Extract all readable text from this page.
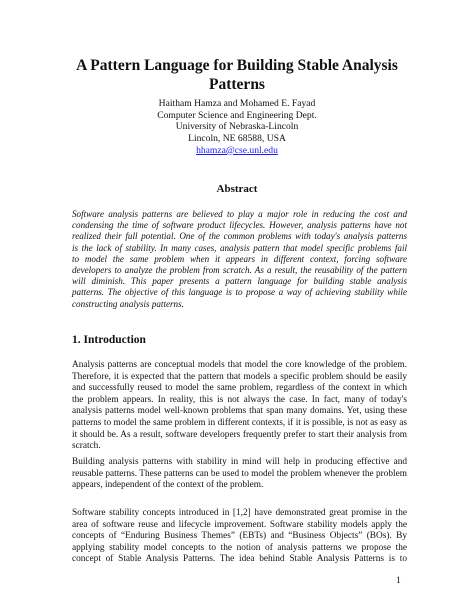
A Pattern Language for Building Stable Analysis
Patterns
Haitham Hamza and Mohamed E. Fayad
Computer Science and Engineering Dept.
University of Nebraska-Lincoln
Lincoln, NE 68588, USA
hhamza@cse.unl.edu
Abstract
Software analysis patterns are believed to play a major role in reducing the cost and
condensing the time of software product lifecycles. However, analysis patterns have not
realized their full potential. One of the common problems with today's analysis patterns
is the lack of stability. In many cases, analysis pattern that model specific problems fail
to model the same problem when it appears in different context, forcing software
developers to analyze the problem from scratch. As a result, the reusability of the pattern
will diminish. This paper presents a pattern language for building stable analysis
patterns. The objective of this language is to propose a way of achieving stability while
constructing analysis patterns.
1. Introduction
Analysis patterns are conceptual models that model the core knowledge of the problem.
Therefore, it is expected that the pattern that models a specific problem should be easily
and successfully reused to model the same problem, regardless of the context in which
the problem appears. In reality, this is not always the case. In fact, many of today's
analysis patterns model well-known problems that span many domains. Yet, using these
patterns to model the same problem in different contexts, if it is possible, is not as easy as
it should be. As a result, software developers frequently prefer to start their analysis from
scratch.
Building analysis patterns with stability in mind will help in producing effective and
reusable patterns. These patterns can be used to model the problem whenever the problem
appears, independent of the context of the problem.
Software stability concepts introduced in [1,2] have demonstrated great promise in the
area of software reuse and lifecycle improvement. Software stability models apply the
concepts of “Enduring Business Themes” (EBTs) and “Business Objects” (BOs). By
applying stability model concepts to the notion of analysis patterns we propose the
concept of Stable Analysis Patterns. The idea behind Stable Analysis Patterns is to
1
